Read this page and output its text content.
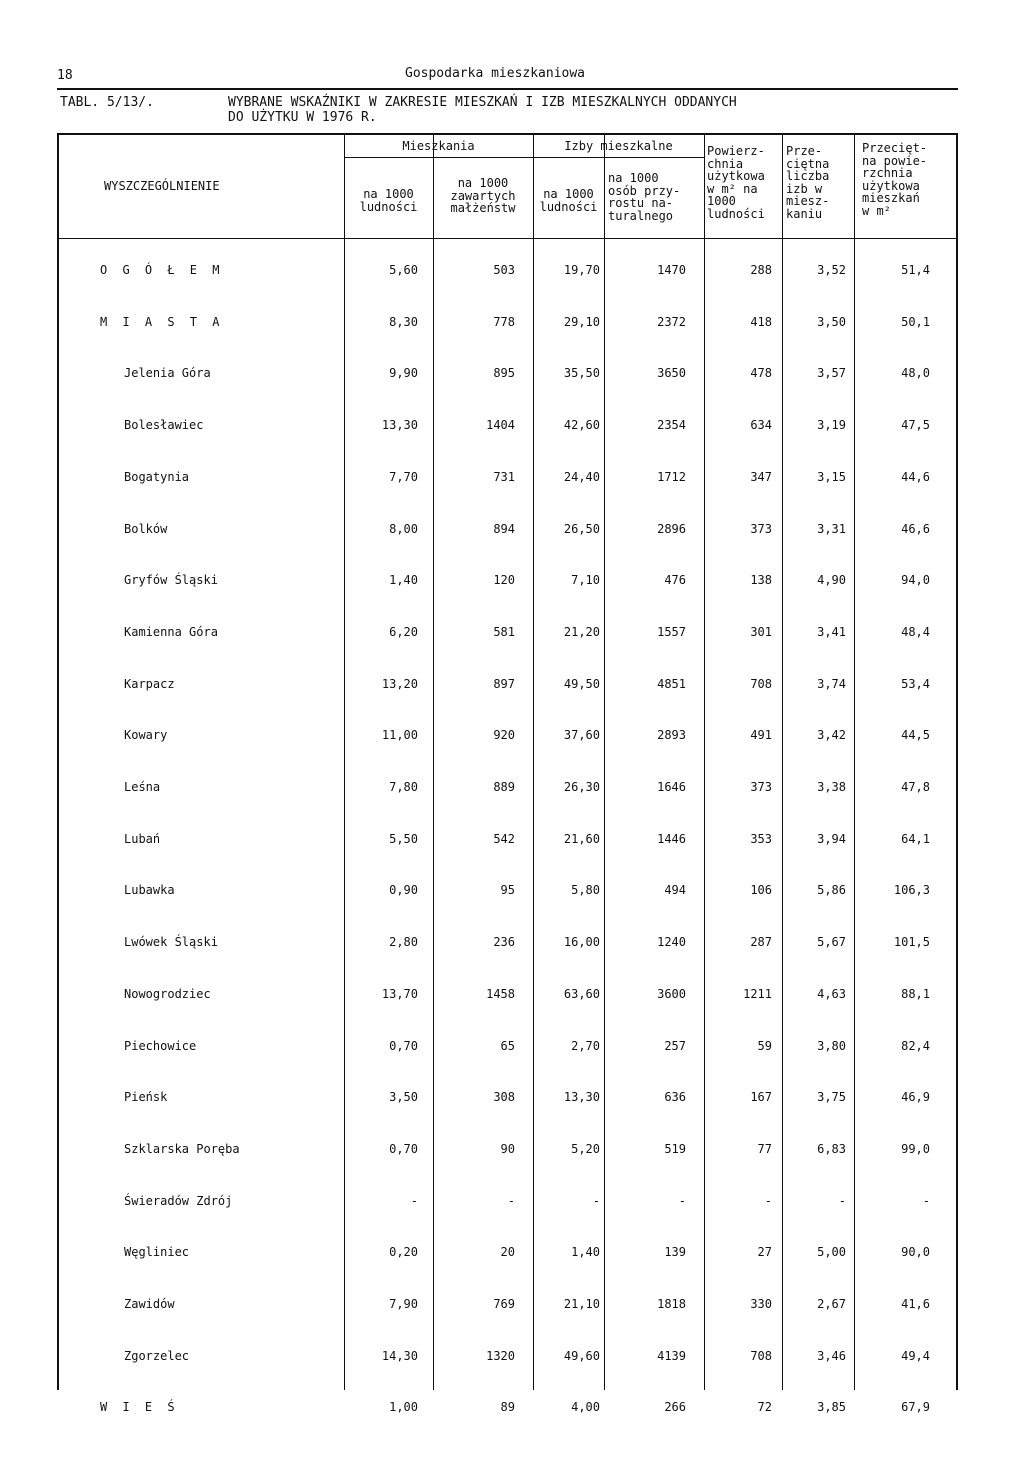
18	Gospodarka mieszkaniowa
TABL. 5/13/.	WYBRANE WSKAŹNIKI W ZAKRESIE MIESZKAŃ I IZB MIESZKALNYCH ODDANYCH
DO UŻYTKU W 1976 R.
WYSZCZEGÓLNIENIE
Mieszkania	Izby mieszkalne
na 1000
ludności
na 1000
zawartych
małżeństw
na 1000
ludności
na 1000
osób przy-
rostu na-
turalnego
Powierz-
chnia
użytkowa
w m² na
1000
ludności
Prze-
ciętna
liczba
izb w
miesz-
kaniu
Przecięt-
na powie-
rzchnia
użytkowa
mieszkań
w m²
O G Ó Ł E M	5,60	503	19,70	1470	288	3,52	51,4
M I A S T A	8,30	778	29,10	2372	418	3,50	50,1
Jelenia Góra	9,90	895	35,50	3650	478	3,57	48,0
Bolesławiec	13,30	1404	42,60	2354	634	3,19	47,5
Bogatynia	7,70	731	24,40	1712	347	3,15	44,6
Bolków	8,00	894	26,50	2896	373	3,31	46,6
Gryfów Śląski	1,40	120	7,10	476	138	4,90	94,0
Kamienna Góra	6,20	581	21,20	1557	301	3,41	48,4
Karpacz	13,20	897	49,50	4851	708	3,74	53,4
Kowary	11,00	920	37,60	2893	491	3,42	44,5
Leśna	7,80	889	26,30	1646	373	3,38	47,8
Lubań	5,50	542	21,60	1446	353	3,94	64,1
Lubawka	0,90	95	5,80	494	106	5,86	106,3
Lwówek Śląski	2,80	236	16,00	1240	287	5,67	101,5
Nowogrodziec	13,70	1458	63,60	3600	1211	4,63	88,1
Piechowice	0,70	65	2,70	257	59	3,80	82,4
Pieńsk	3,50	308	13,30	636	167	3,75	46,9
Szklarska Poręba	0,70	90	5,20	519	77	6,83	99,0
Świeradów Zdrój	-	-	-	-	-	-	-
Węgliniec	0,20	20	1,40	139	27	5,00	90,0
Zawidów	7,90	769	21,10	1818	330	2,67	41,6
Zgorzelec	14,30	1320	49,60	4139	708	3,46	49,4
W I E Ś	1,00	89	4,00	266	72	3,85	67,9
